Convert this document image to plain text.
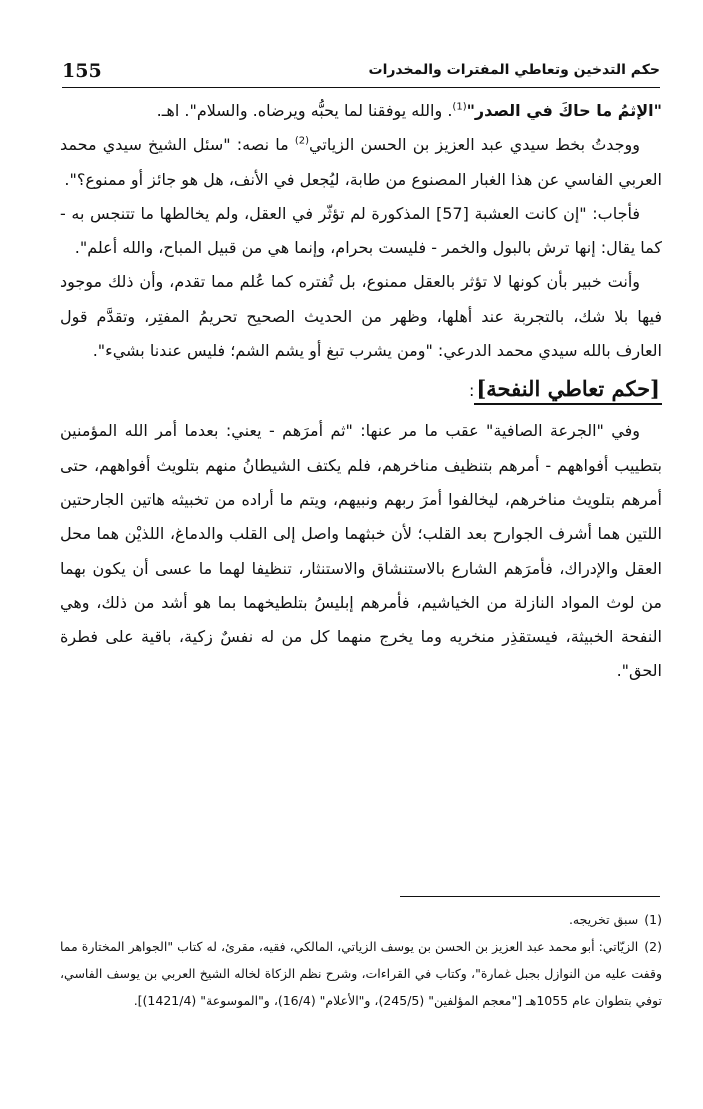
155	حكم التدخين وتعاطي المفترات والمخدرات

"الإثمُ ما حاكَ في الصدر"$^{(1)}$. والله يوفقنا لما يحبُّه ويرضاه. والسلام". اهـ.

ووجدتُ بخط سيدي عبد العزيز بن الحسن الزياتي$^{(2)}$ ما نصه: "سئل الشيخ سيدي محمد العربي الفاسي عن هذا الغبار المصنوع من طابة، ليُجعل في الأنف، هل هو جائز أو ممنوع؟".

فأجاب: "إن كانت العشبة [57] المذكورة لم تؤثّر في العقل، ولم يخالطها ما تتنجس به - كما يقال: إنها ترش بالبول والخمر - فليست بحرام، وإنما هي من قبيل المباح، والله أعلم".

وأنت خبير بأن كونها لا تؤثر بالعقل ممنوع، بل تُفتره كما عُلم مما تقدم، وأن ذلك موجود فيها بلا شك، بالتجربة عند أهلها، وظهر من الحديث الصحيح تحريمُ المفتِر، وتقدَّم قول العارف بالله سيدي محمد الدرعي: "ومن يشرب تبغ أو يشم الشم؛ فليس عندنا بشيء".

[حكم تعاطي النفحة]:

وفي "الجرعة الصافية" عقب ما مر عنها: "ثم أمرَهم - يعني: بعدما أمر الله المؤمنين بتطييب أفواههم - أمرهم بتنظيف مناخرهم، فلم يكتف الشيطانُ منهم بتلويث أفواههم، حتى أمرهم بتلويث مناخرهم، ليخالفوا أمرَ ربهم ونبيهم، ويتم ما أراده من تخبيثه هاتين الجارحتين اللتين هما أشرف الجوارح بعد القلب؛ لأن خبثهما واصل إلى القلب والدماغ، اللذيْن هما محل العقل والإدراك، فأمرَهم الشارع بالاستنشاق والاستنثار، تنظيفا لهما ما عسى أن يكون بهما من لوث المواد النازلة من الخياشيم، فأمرهم إبليسُ بتلطيخهما بما هو أشد من ذلك، وهي النفحة الخبيثة، فيستقذِر منخريه وما يخرج منهما كل من له نفسٌ زكية، باقية على فطرة الحق".

(1)سبق تخريجه.

(2)الزيّاتي: أبو محمد عبد العزيز بن الحسن بن يوسف الزياتي، المالكي، فقيه، مقرئ، له كتاب "الجواهر المختارة مما وقفت عليه من النوازل بجبل غمارة"، وكتاب في القراءات، وشرح نظم الزكاة لخاله الشيخ العربي بن يوسف الفاسي، توفي بتطوان عام 1055هـ ["معجم المؤلفين" (245/5)، و"الأعلام" (16/4)، و"الموسوعة" (1421/4)].
